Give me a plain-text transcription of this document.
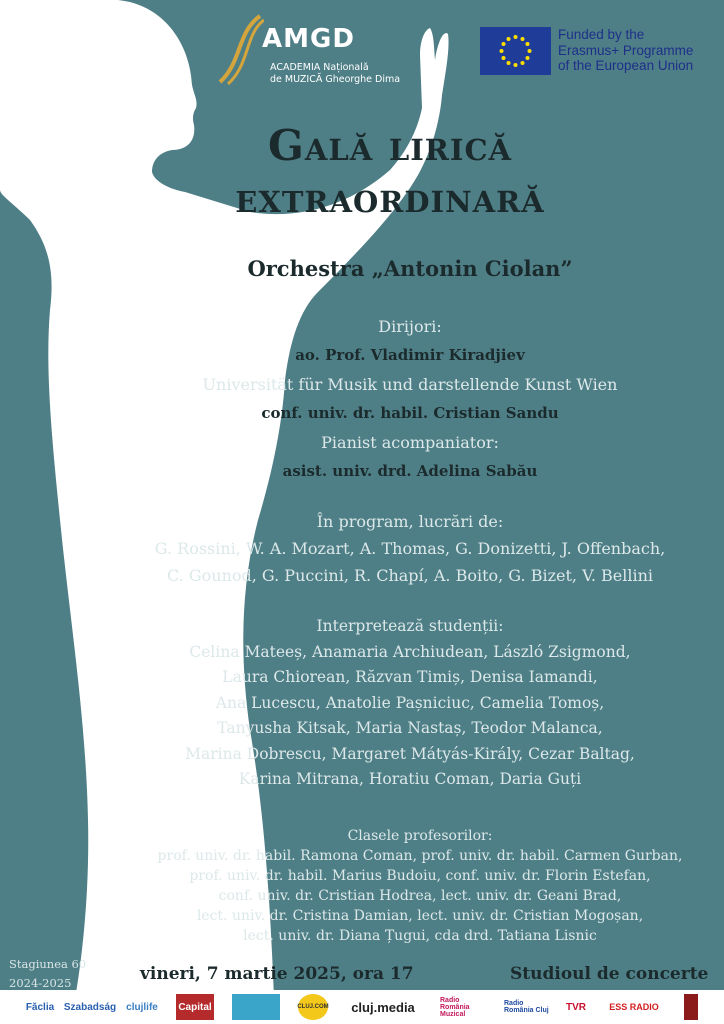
AMGD
ACADEMIA Națională
de MUZICĂ Gheorghe Dima
Funded by the
Erasmus+ Programme
of the European Union
Gală lirică
extraordinară
Orchestra „Antonin Ciolan”
Dirijori:
ao. Prof. Vladimir Kiradjiev
Universität für Musik und darstellende Kunst Wien
conf. univ. dr. habil. Cristian Sandu
Pianist acompaniator:
asist. univ. drd. Adelina Sabău
În program, lucrări de:
G. Rossini, W. A. Mozart, A. Thomas, G. Donizetti, J. Offenbach,
C. Gounod, G. Puccini, R. Chapí, A. Boito, G. Bizet, V. Bellini
Interpretează studenții:
Celina Mateeș, Anamaria Archiudean, László Zsigmond,
Laura Chiorean, Răzvan Timiș, Denisa Iamandi,
Ana Lucescu, Anatolie Pașniciuc, Camelia Tomoș,
Tanyusha Kitsak, Maria Nastaș, Teodor Malanca,
Marina Dobrescu, Margaret Mátyás-Király, Cezar Baltag,
Karina Mitrana, Horatiu Coman, Daria Guți
Clasele profesorilor:
prof. univ. dr. habil. Ramona Coman, prof. univ. dr. habil. Carmen Gurban,
prof. univ. dr. habil. Marius Budoiu, conf. univ. dr. Florin Estefan,
conf. univ. dr. Cristian Hodrea, lect. univ. dr. Geani Brad,
lect. univ. dr. Cristina Damian, lect. univ. dr. Cristian Mogoșan,
lect. univ. dr. Diana Țugui, cda drd. Tatiana Lisnic
Stagiunea 60
2024-2025	vineri, 7 martie 2025, ora 17	Studioul de concerte
Făclia Szabadság clujlife Capital	CLUJ.COM	cluj.media	Radio România Muzical
Radio România Cluj	TVR	ESS RADIO
